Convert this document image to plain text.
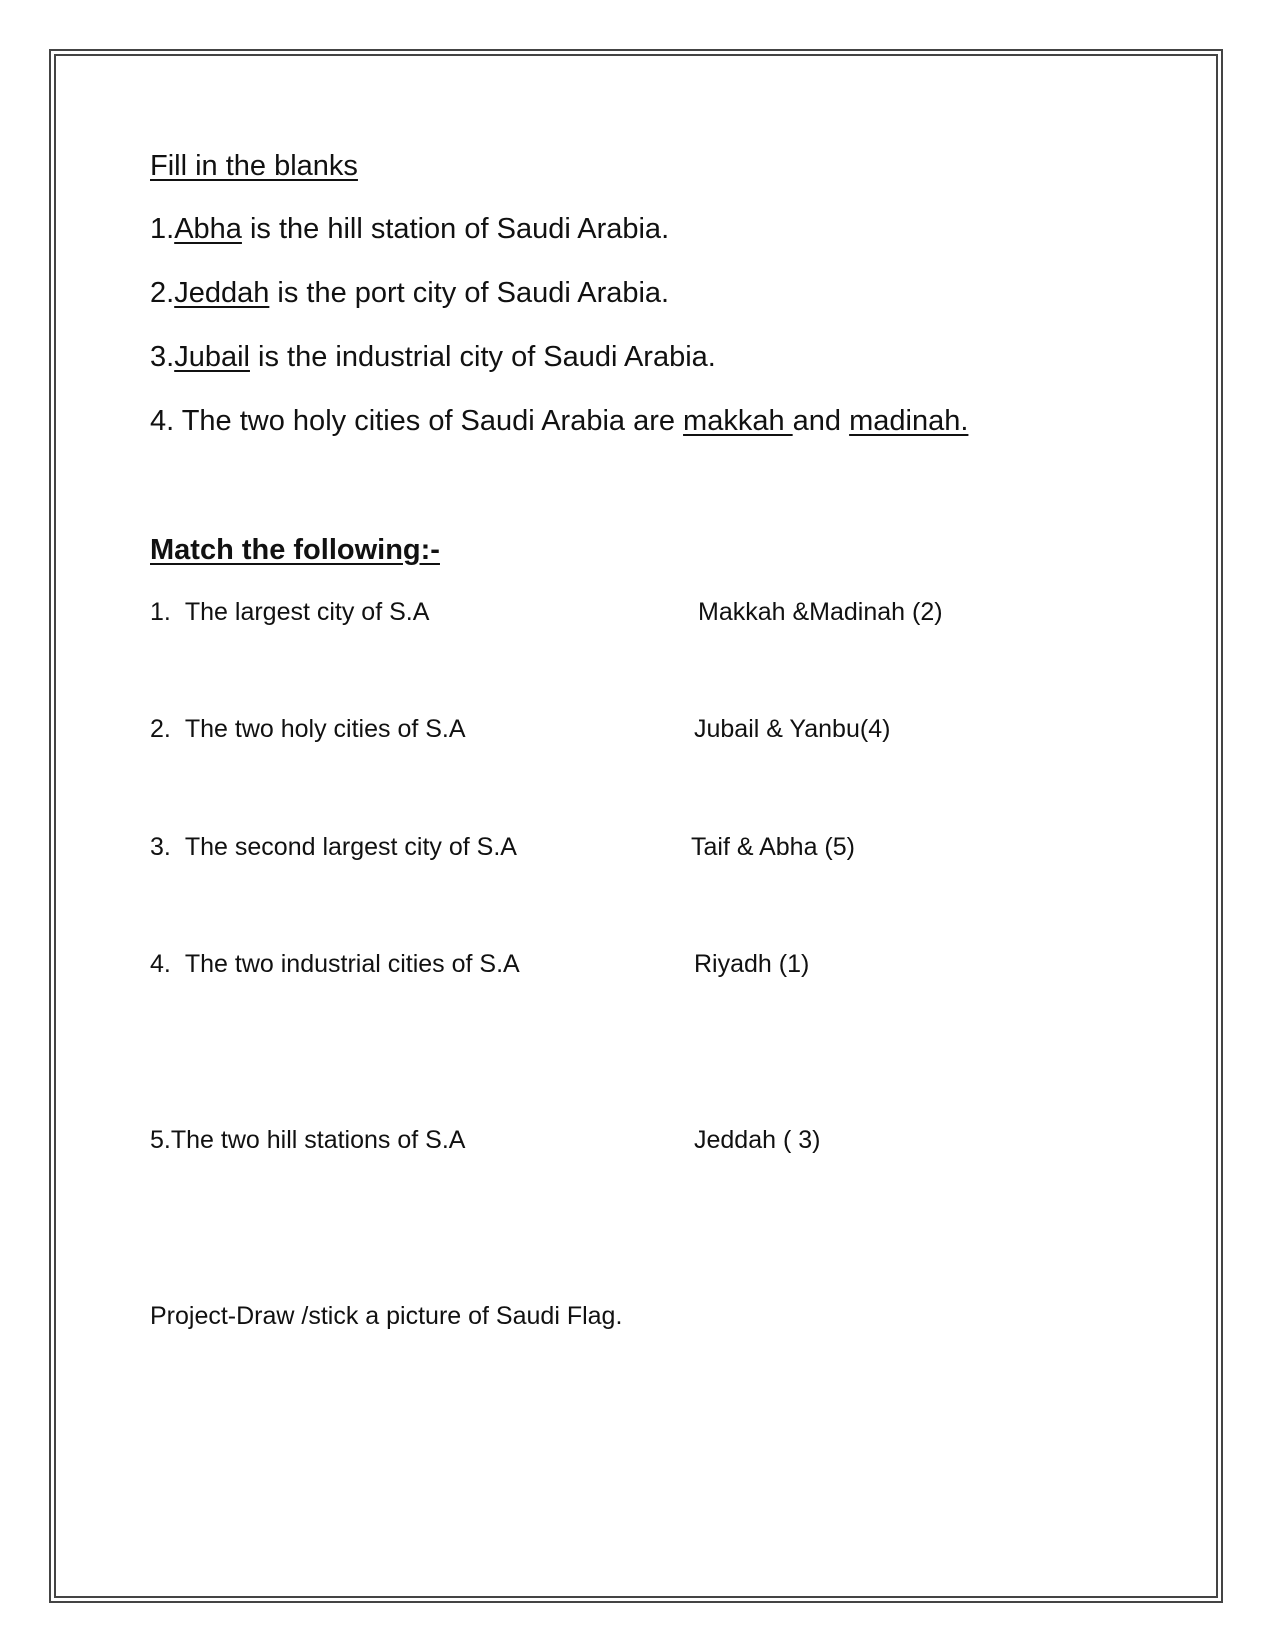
Fill in the blanks
1.Abha is the hill station of Saudi Arabia.
2.Jeddah is the port city of Saudi Arabia.
3.Jubail is the industrial city of Saudi Arabia.
4. The two holy cities of Saudi Arabia are makkah and madinah.
Match the following:-
1. The largest city of S.A	Makkah &Madinah (2)
2. The two holy cities of S.A	Jubail & Yanbu(4)
3. The second largest city of S.A	Taif & Abha (5)
4. The two industrial cities of S.A	Riyadh (1)
5.The two hill stations of S.A	Jeddah ( 3)
Project-Draw /stick a picture of Saudi Flag.
